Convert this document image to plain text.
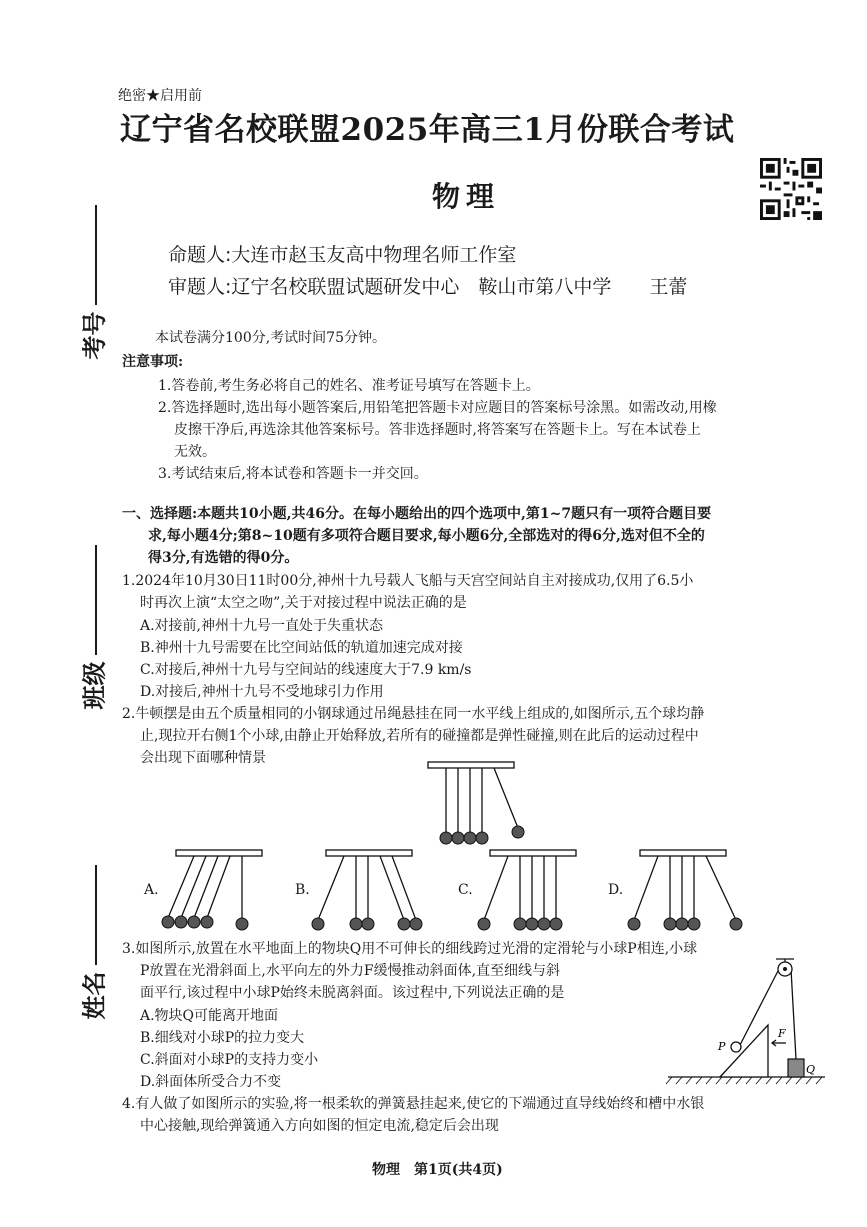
绝密★启用前
辽宁省名校联盟2025年高三1月份联合考试
物理
命题人:大连市赵玉友高中物理名师工作室
审题人:辽宁名校联盟试题研发中心　鞍山市第八中学　　王蕾
考号
班级
姓名
本试卷满分100分,考试时间75分钟。
注意事项:
1.答卷前,考生务必将自己的姓名、准考证号填写在答题卡上。
2.答选择题时,选出每小题答案后,用铅笔把答题卡对应题目的答案标号涂黑。如需改动,用橡
皮擦干净后,再选涂其他答案标号。答非选择题时,将答案写在答题卡上。写在本试卷上
无效。
3.考试结束后,将本试卷和答题卡一并交回。
一、选择题:本题共10小题,共46分。在每小题给出的四个选项中,第1~7题只有一项符合题目要
求,每小题4分;第8~10题有多项符合题目要求,每小题6分,全部选对的得6分,选对但不全的
得3分,有选错的得0分。
1.2024年10月30日11时00分,神州十九号载人飞船与天宫空间站自主对接成功,仅用了6.5小
时再次上演“太空之吻”,关于对接过程中说法正确的是
A.对接前,神州十九号一直处于失重状态
B.神州十九号需要在比空间站低的轨道加速完成对接
C.对接后,神州十九号与空间站的线速度大于7.9 km/s
D.对接后,神州十九号不受地球引力作用
2.牛顿摆是由五个质量相同的小钢球通过吊绳悬挂在同一水平线上组成的,如图所示,五个球均静
止,现拉开右侧1个小球,由静止开始释放,若所有的碰撞都是弹性碰撞,则在此后的运动过程中
会出现下面哪种情景
A.	B.	C.	D.
3.如图所示,放置在水平地面上的物块Q用不可伸长的细线跨过光滑的定滑轮与小球P相连,小球
P放置在光滑斜面上,水平向左的外力F缓慢推动斜面体,直至细线与斜
面平行,该过程中小球P始终未脱离斜面。该过程中,下列说法正确的是
A.物块Q可能离开地面
B.细线对小球P的拉力变大
C.斜面对小球P的支持力变小
D.斜面体所受合力不变
P
F
Q
4.有人做了如图所示的实验,将一根柔软的弹簧悬挂起来,使它的下端通过直导线始终和槽中水银
中心接触,现给弹簧通入方向如图的恒定电流,稳定后会出现
物理　第1页(共4页)
